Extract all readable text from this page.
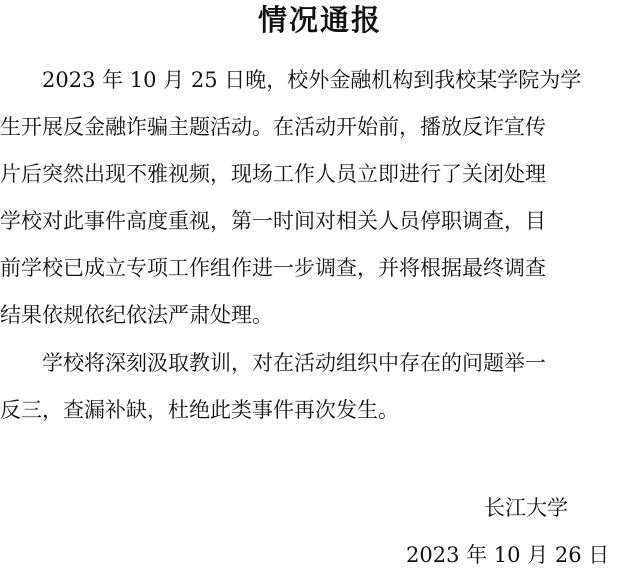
情况通报
　　2023 年 10 月 25 日晚，校外金融机构到我校某学院为学
生开展反金融诈骗主题活动。在活动开始前，播放反诈宣传
片后突然出现不雅视频，现场工作人员立即进行了关闭处理
学校对此事件高度重视，第一时间对相关人员停职调查，目
前学校已成立专项工作组作进一步调查，并将根据最终调查
结果依规依纪依法严肃处理。
　　学校将深刻汲取教训，对在活动组织中存在的问题举一
反三，查漏补缺，杜绝此类事件再次发生。
长江大学
2023 年 10 月 26 日
